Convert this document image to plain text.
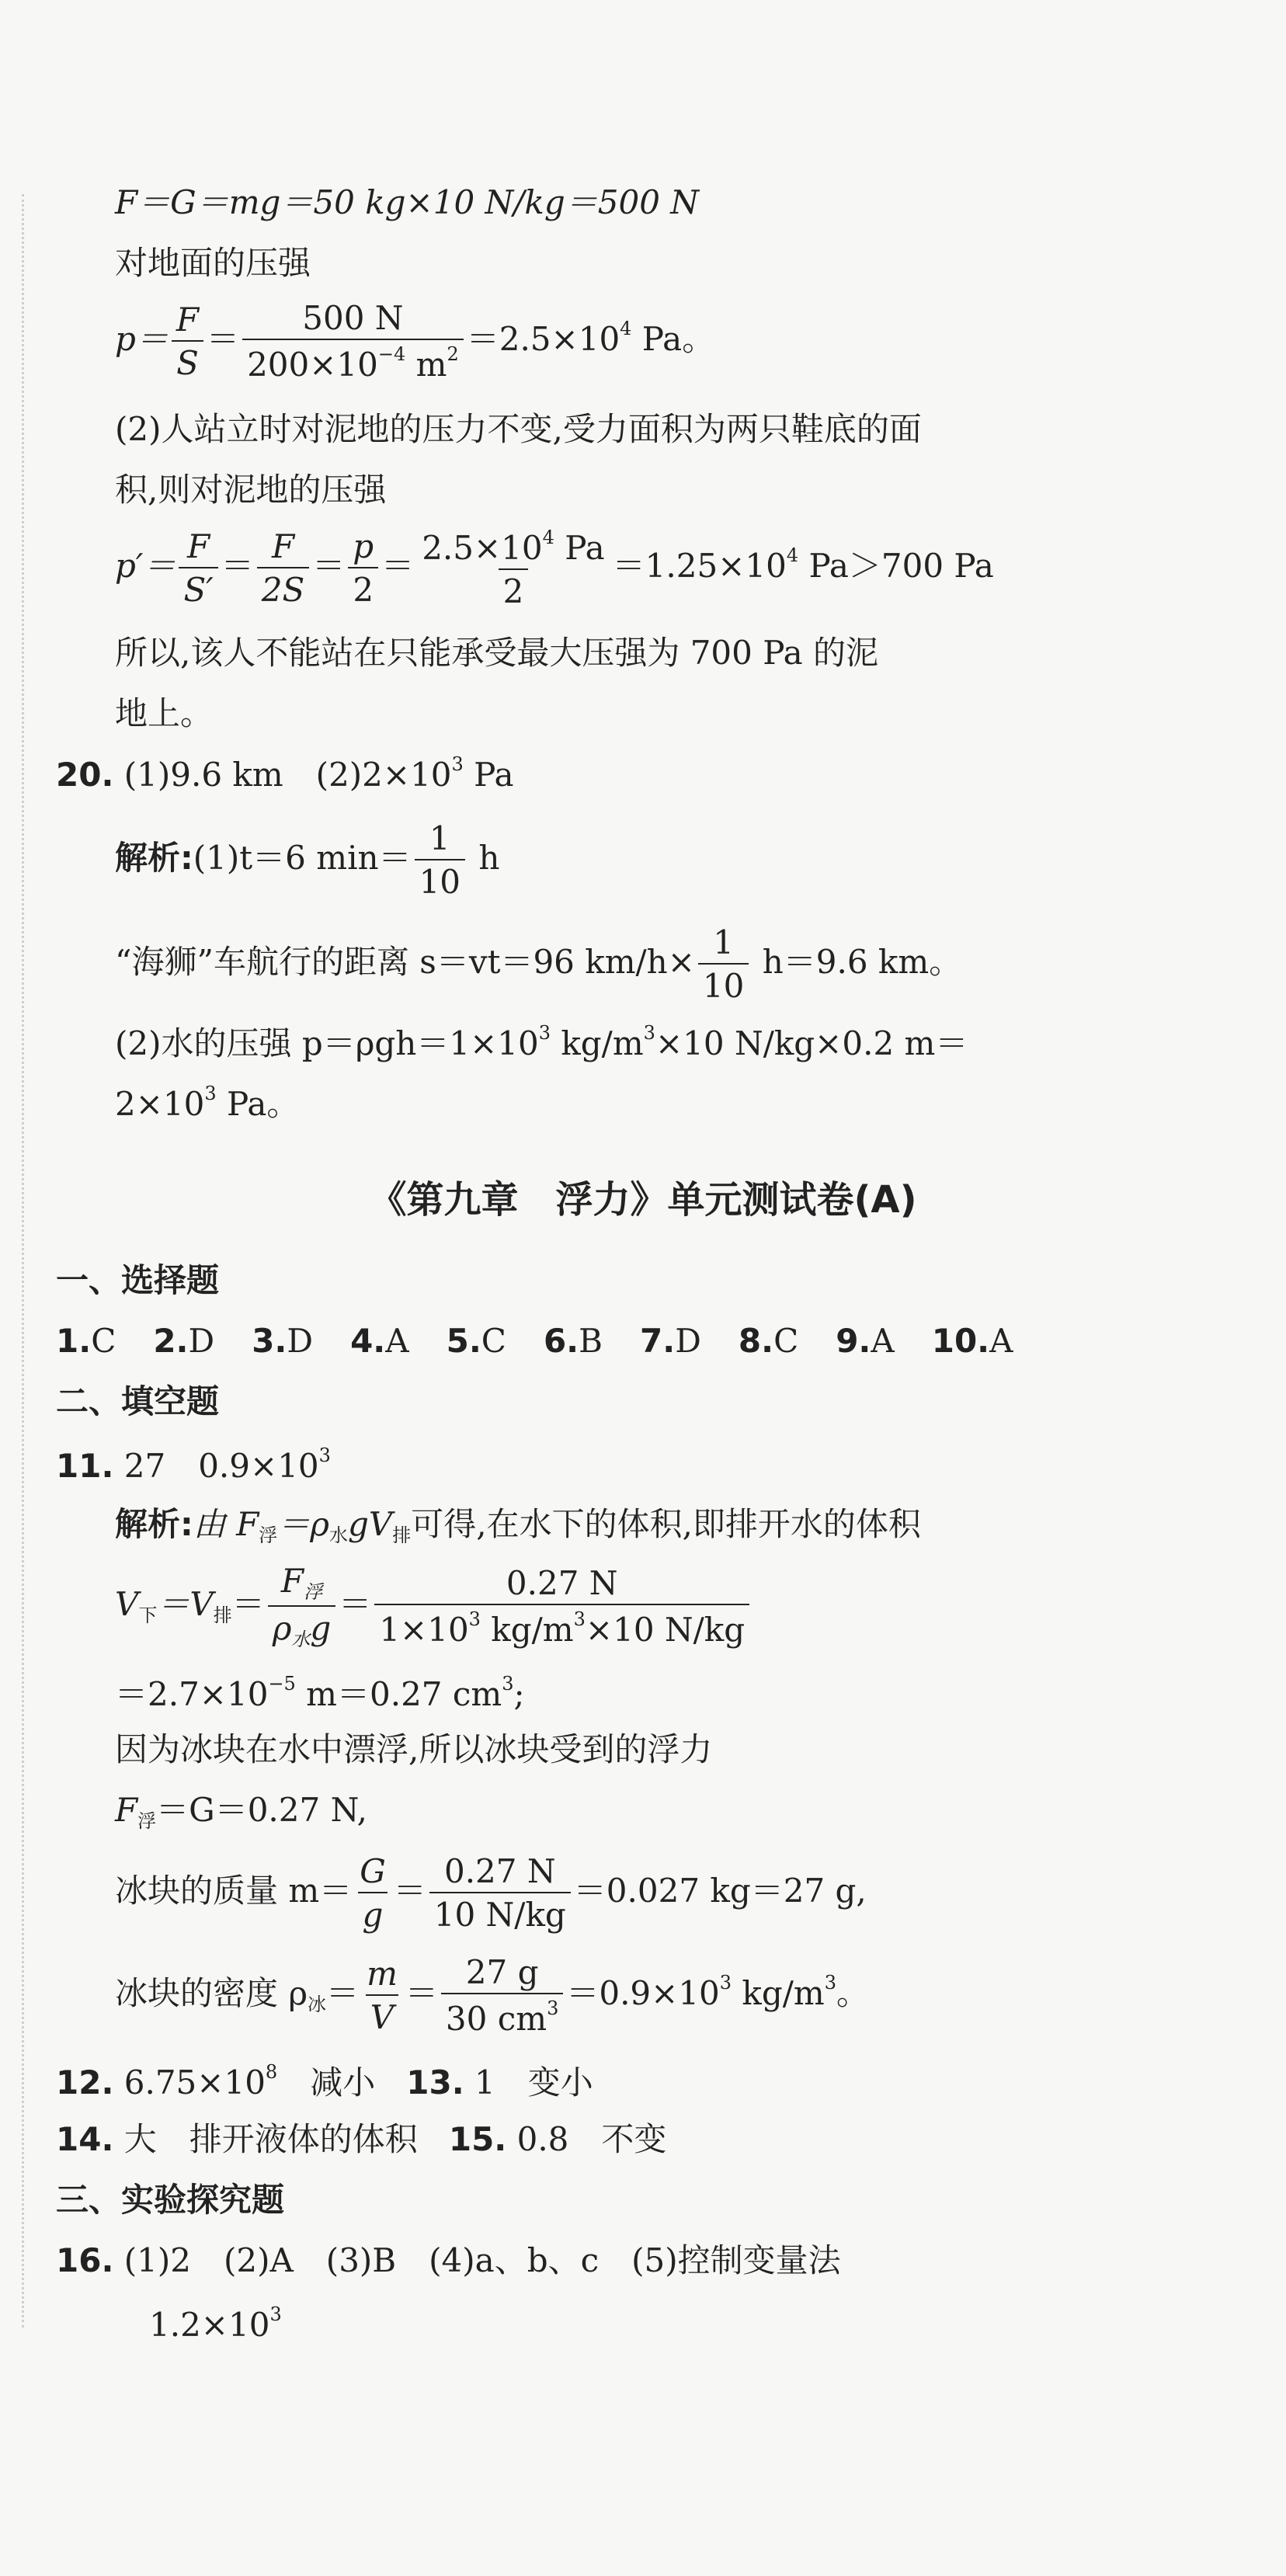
F＝G＝mg＝50 kg×10 N/kg＝500 N
对地面的压强
$p= \frac{F}{S} = \frac{500 N}{200\times 10^{-4} m^2} =2.5\times 10^4$ Pa。
(2)人站立时对泥地的压力不变,受力面积为两只鞋底的面
积,则对泥地的压强
$p'= \frac{F}{S'} = \frac{F}{2S} = \frac{p}{2} = \frac{2.5\times 10^4 Pa}{2} =1.25\times 10^4$ Pa＞700 Pa
所以,该人不能站在只能承受最大压强为 700 Pa 的泥
地上。
20. (1)9.6 km　$(2)2\times 10^3$ Pa
解析:(1)t＝6 $\min= \frac{1}{10}$ h
“海狮”车航行的距离 s＝vt＝96 $km/h\times \frac{1}{10} h=9.6$ km。
(2)水的压强 $p=\rho gh=1\times 10^3$ $kg/m^3\times 10$ N/kg×0.2 m＝
$2\times 10^3$ Pa。
《第九章　浮力》单元测试卷(A)
一、选择题
1.C 2.D 3.D 4.A 5.C 6.B 7.D 8.C 9.A 10.A
二、填空题
11. 27　$0.9\times 10^3$
解析:由 $F_浮=\rho_水gV_排$可得,在水下的体积,即排开水的体积
$V_下=V_排= \frac{F_浮}{\rho_水g} = \frac{0.27 N}{1\times 10^3 kg/m^3\times 10 N/kg}$
$=2.7\times 10^{-5}$ m＝0.27 $cm^3$;
因为冰块在水中漂浮,所以冰块受到的浮力
$F_浮=G=0.27$ N,
冰块的质量 $m= \frac{G}{g} = \frac{0.27 N}{10 N/kg} =0.027$ kg＝27 g,
冰块的密度 $\rho_冰= \frac{m}{V} = \frac{27 g}{30 cm^3} =0.9\times 10^3$ $kg/m^3$。
12. $6.75\times 10^8$　减小 13. 1　变小
14. 大　排开液体的体积 15. 0.8　不变
三、实验探究题
16. (1)2　(2)A　(3)B　(4)a、b、c　(5)控制变量法
$1.2\times 10^3$
